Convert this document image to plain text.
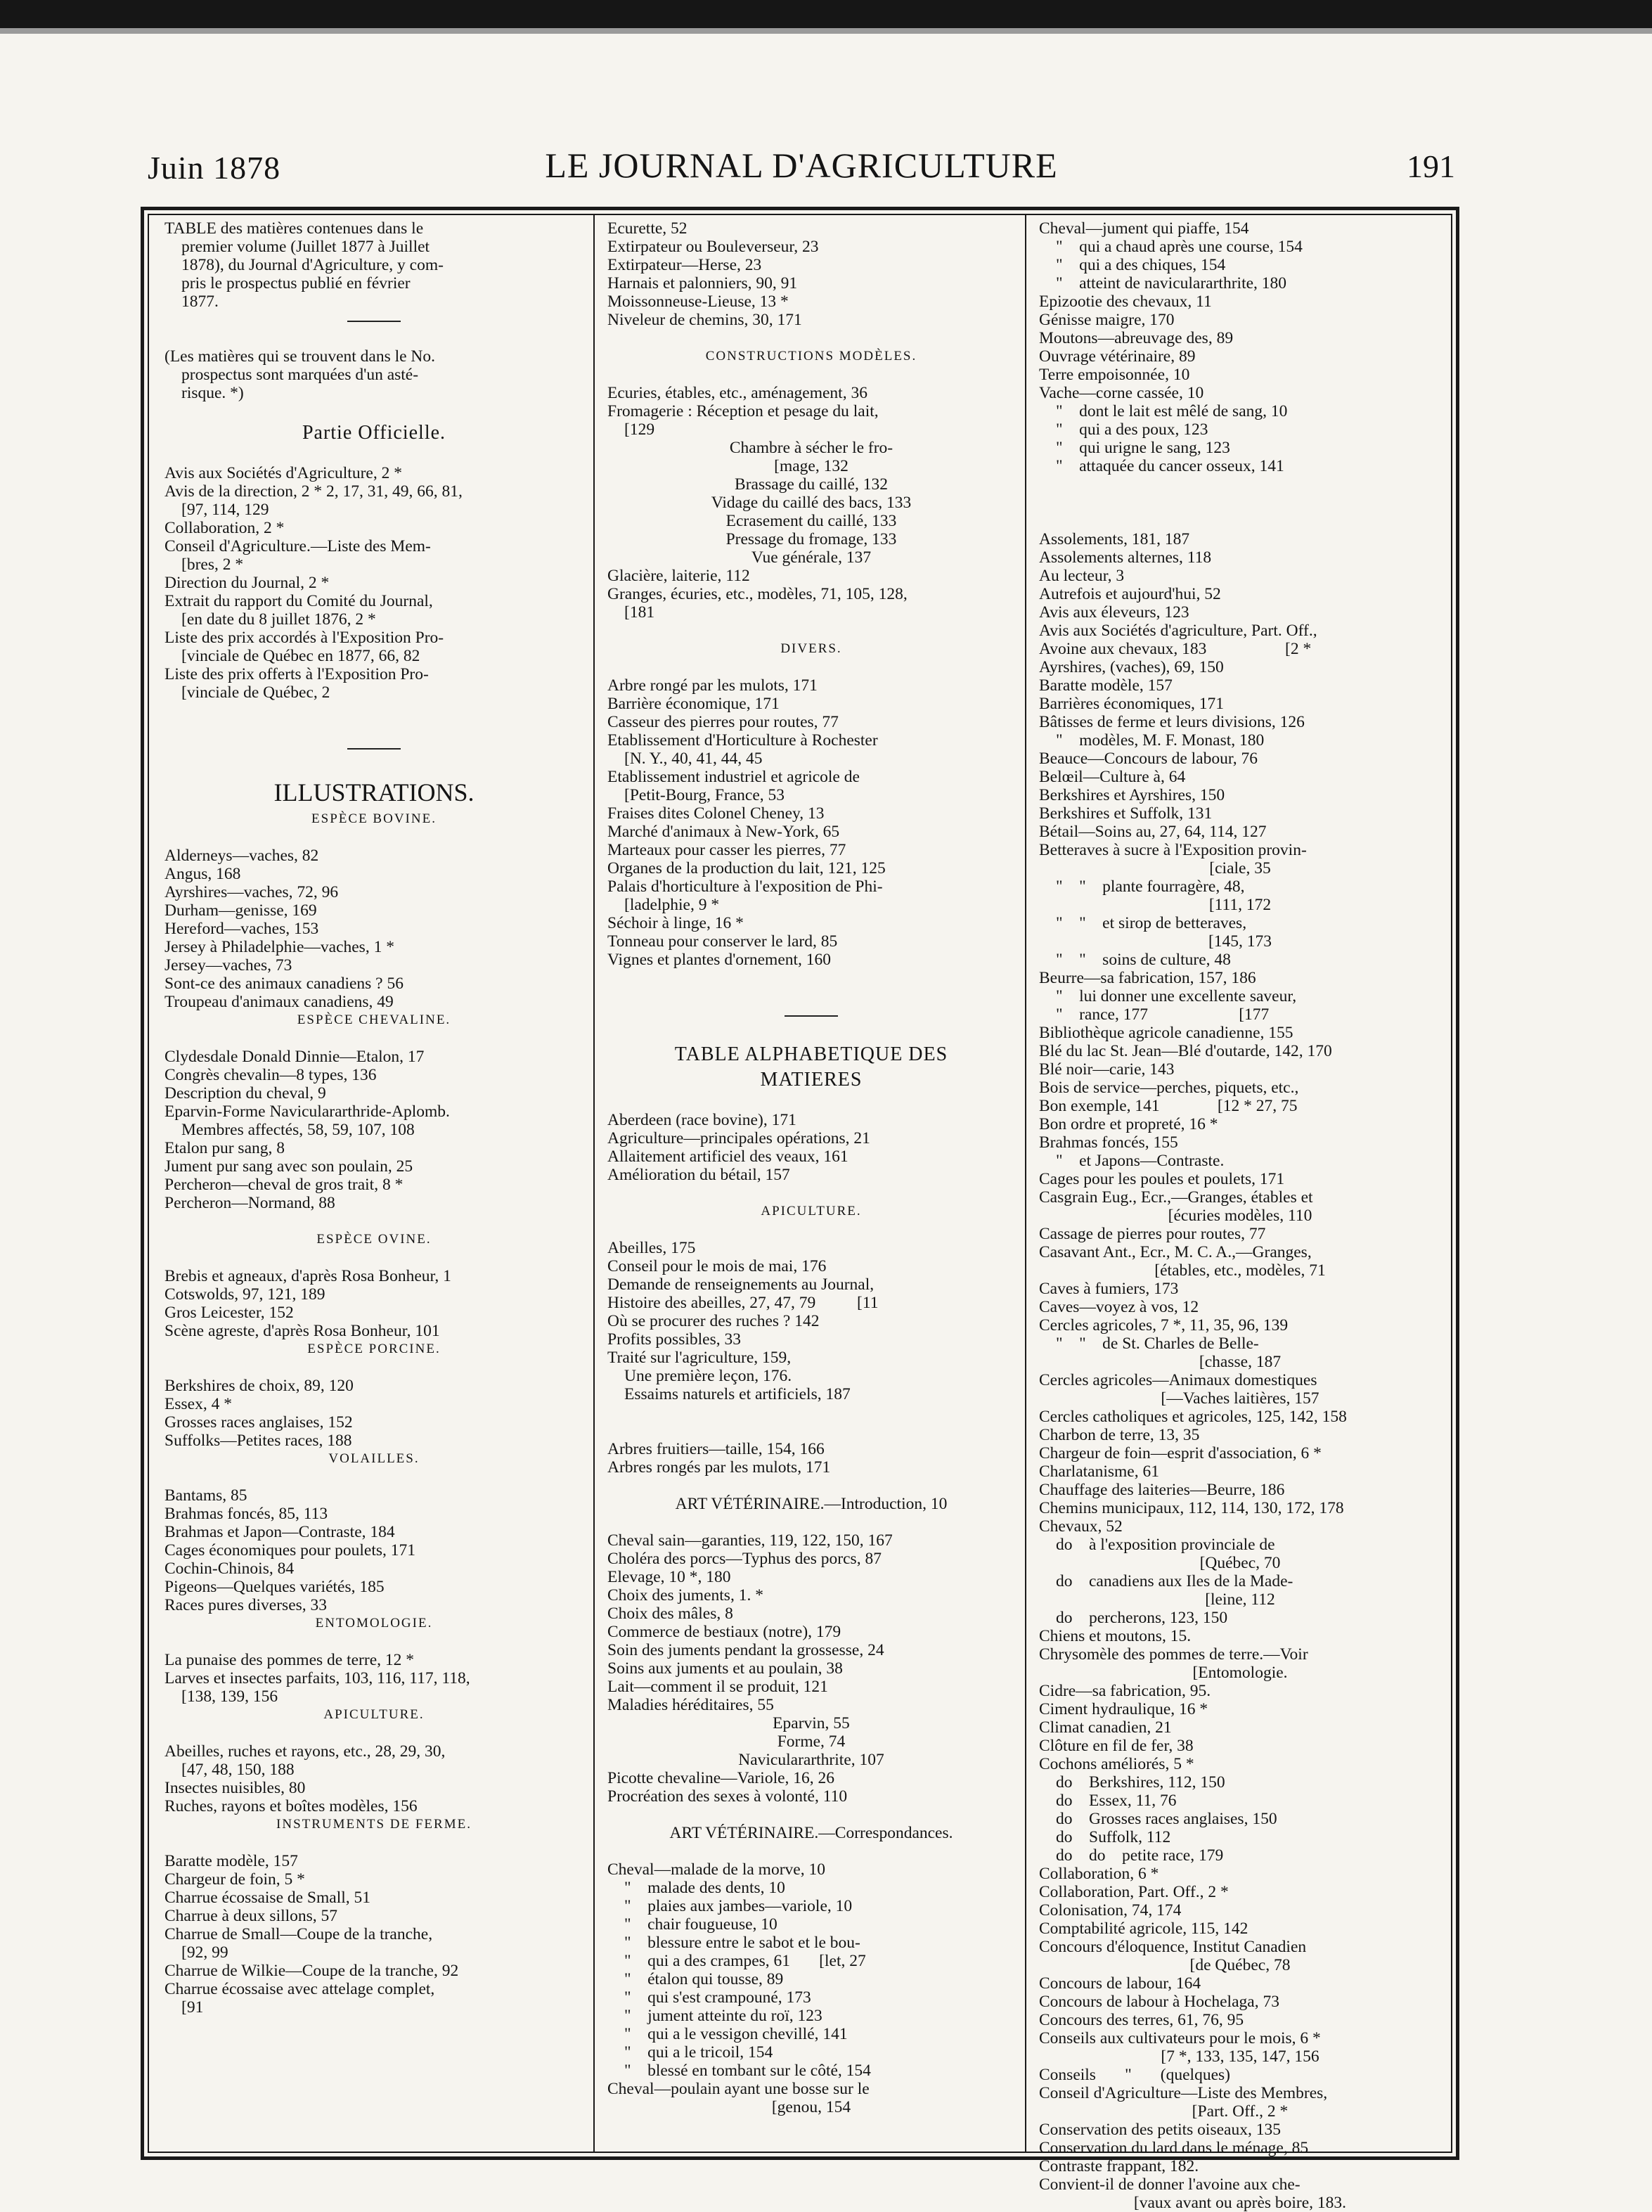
Juin 1878	LE JOURNAL D'AGRICULTURE	191
TABLE des matières contenues dans le
premier volume (Juillet 1877 à Juillet
1878), du Journal d'Agriculture, y com-
pris le prospectus publié en février
1877.
(Les matières qui se trouvent dans le No.
prospectus sont marquées d'un asté-
risque. *)
Partie Officielle.
Avis aux Sociétés d'Agriculture, 2 *
Avis de la direction, 2 * 2, 17, 31, 49, 66, 81,
[97, 114, 129
Collaboration, 2 *
Conseil d'Agriculture.—Liste des Mem-
[bres, 2 *
Direction du Journal, 2 *
Extrait du rapport du Comité du Journal,
[en date du 8 juillet 1876, 2 *
Liste des prix accordés à l'Exposition Pro-
[vinciale de Québec en 1877, 66, 82
Liste des prix offerts à l'Exposition Pro-
[vinciale de Québec, 2
ILLUSTRATIONS.
ESPÈCE BOVINE.
Alderneys—vaches, 82
Angus, 168
Ayrshires—vaches, 72, 96
Durham—genisse, 169
Hereford—vaches, 153
Jersey à Philadelphie—vaches, 1 *
Jersey—vaches, 73
Sont-ce des animaux canadiens ? 56
Troupeau d'animaux canadiens, 49
ESPÈCE CHEVALINE.
Clydesdale Donald Dinnie—Etalon, 17
Congrès chevalin—8 types, 136
Description du cheval, 9
Eparvin-Forme Naviculararthride-Aplomb.
Membres affectés, 58, 59, 107, 108
Etalon pur sang, 8
Jument pur sang avec son poulain, 25
Percheron—cheval de gros trait, 8 *
Percheron—Normand, 88
ESPÈCE OVINE.
Brebis et agneaux, d'après Rosa Bonheur, 1
Cotswolds, 97, 121, 189
Gros Leicester, 152
Scène agreste, d'après Rosa Bonheur, 101
ESPÈCE PORCINE.
Berkshires de choix, 89, 120
Essex, 4 *
Grosses races anglaises, 152
Suffolks—Petites races, 188
VOLAILLES.
Bantams, 85
Brahmas foncés, 85, 113
Brahmas et Japon—Contraste, 184
Cages économiques pour poulets, 171
Cochin-Chinois, 84
Pigeons—Quelques variétés, 185
Races pures diverses, 33
ENTOMOLOGIE.
La punaise des pommes de terre, 12 *
Larves et insectes parfaits, 103, 116, 117, 118,
[138, 139, 156
APICULTURE.
Abeilles, ruches et rayons, etc., 28, 29, 30,
[47, 48, 150, 188
Insectes nuisibles, 80
Ruches, rayons et boîtes modèles, 156
INSTRUMENTS DE FERME.
Baratte modèle, 157
Chargeur de foin, 5 *
Charrue écossaise de Small, 51
Charrue à deux sillons, 57
Charrue de Small—Coupe de la tranche,
[92, 99
Charrue de Wilkie—Coupe de la tranche, 92
Charrue écossaise avec attelage complet,
[91
Ecurette, 52
Extirpateur ou Bouleverseur, 23
Extirpateur—Herse, 23
Harnais et palonniers, 90, 91
Moissonneuse-Lieuse, 13 *
Niveleur de chemins, 30, 171
CONSTRUCTIONS MODÈLES.
Ecuries, étables, etc., aménagement, 36
Fromagerie : Réception et pesage du lait,
[129
Chambre à sécher le fro-
[mage, 132
Brassage du caillé, 132
Vidage du caillé des bacs, 133
Ecrasement du caillé, 133
Pressage du fromage, 133
Vue générale, 137
Glacière, laiterie, 112
Granges, écuries, etc., modèles, 71, 105, 128,
[181
DIVERS.
Arbre rongé par les mulots, 171
Barrière économique, 171
Casseur des pierres pour routes, 77
Etablissement d'Horticulture à Rochester
[N. Y., 40, 41, 44, 45
Etablissement industriel et agricole de
[Petit-Bourg, France, 53
Fraises dites Colonel Cheney, 13
Marché d'animaux à New-York, 65
Marteaux pour casser les pierres, 77
Organes de la production du lait, 121, 125
Palais d'horticulture à l'exposition de Phi-
[ladelphie, 9 *
Séchoir à linge, 16 *
Tonneau pour conserver le lard, 85
Vignes et plantes d'ornement, 160
TABLE ALPHABETIQUE DES
MATIERES
Aberdeen (race bovine), 171
Agriculture—principales opérations, 21
Allaitement artificiel des veaux, 161
Amélioration du bétail, 157
APICULTURE.
Abeilles, 175
Conseil pour le mois de mai, 176
Demande de renseignements au Journal,
Histoire des abeilles, 27, 47, 79          [11
Où se procurer des ruches ? 142
Profits possibles, 33
Traité sur l'agriculture, 159,
Une première leçon, 176.
Essaims naturels et artificiels, 187
Arbres fruitiers—taille, 154, 166
Arbres rongés par les mulots, 171
ART VÉTÉRINAIRE.—Introduction, 10
Cheval sain—garanties, 119, 122, 150, 167
Choléra des porcs—Typhus des porcs, 87
Elevage, 10 *, 180
Choix des juments, 1. *
Choix des mâles, 8
Commerce de bestiaux (notre), 179
Soin des juments pendant la grossesse, 24
Soins aux juments et au poulain, 38
Lait—comment il se produit, 121
Maladies héréditaires, 55
Eparvin, 55
Forme, 74
Naviculararthrite, 107
Picotte chevaline—Variole, 16, 26
Procréation des sexes à volonté, 110
ART VÉTÉRINAIRE.—Correspondances.
Cheval—malade de la morve, 10
"    malade des dents, 10
"    plaies aux jambes—variole, 10
"    chair fougueuse, 10
"    blessure entre le sabot et le bou-
"    qui a des crampes, 61       [let, 27
"    étalon qui tousse, 89
"    qui s'est crampouné, 173
"    jument atteinte du roï, 123
"    qui a le vessigon chevillé, 141
"    qui a le tricoil, 154
"    blessé en tombant sur le côté, 154
Cheval—poulain ayant une bosse sur le
[genou, 154
Cheval—jument qui piaffe, 154
"    qui a chaud après une course, 154
"    qui a des chiques, 154
"    atteint de naviculararthrite, 180
Epizootie des chevaux, 11
Génisse maigre, 170
Moutons—abreuvage des, 89
Ouvrage vétérinaire, 89
Terre empoisonnée, 10
Vache—corne cassée, 10
"    dont le lait est mêlé de sang, 10
"    qui a des poux, 123
"    qui urigne le sang, 123
"    attaquée du cancer osseux, 141
Assolements, 181, 187
Assolements alternes, 118
Au lecteur, 3
Autrefois et aujourd'hui, 52
Avis aux éleveurs, 123
Avis aux Sociétés d'agriculture, Part. Off.,
Avoine aux chevaux, 183                   [2 *
Ayrshires, (vaches), 69, 150
Baratte modèle, 157
Barrières économiques, 171
Bâtisses de ferme et leurs divisions, 126
"    modèles, M. F. Monast, 180
Beauce—Concours de labour, 76
Belœil—Culture à, 64
Berkshires et Ayrshires, 150
Berkshires et Suffolk, 131
Bétail—Soins au, 27, 64, 114, 127
Betteraves à sucre à l'Exposition provin-
[ciale, 35
"    "    plante fourragère, 48,
[111, 172
"    "    et sirop de betteraves,
[145, 173
"    "    soins de culture, 48
Beurre—sa fabrication, 157, 186
"    lui donner une excellente saveur,
"    rance, 177                      [177
Bibliothèque agricole canadienne, 155
Blé du lac St. Jean—Blé d'outarde, 142, 170
Blé noir—carie, 143
Bois de service—perches, piquets, etc.,
Bon exemple, 141              [12 * 27, 75
Bon ordre et propreté, 16 *
Brahmas foncés, 155
"    et Japons—Contraste.
Cages pour les poules et poulets, 171
Casgrain Eug., Ecr.,—Granges, étables et
[écuries modèles, 110
Cassage de pierres pour routes, 77
Casavant Ant., Ecr., M. C. A.,—Granges,
[étables, etc., modèles, 71
Caves à fumiers, 173
Caves—voyez à vos, 12
Cercles agricoles, 7 *, 11, 35, 96, 139
"    "    de St. Charles de Belle-
[chasse, 187
Cercles agricoles—Animaux domestiques
[—Vaches laitières, 157
Cercles catholiques et agricoles, 125, 142, 158
Charbon de terre, 13, 35
Chargeur de foin—esprit d'association, 6 *
Charlatanisme, 61
Chauffage des laiteries—Beurre, 186
Chemins municipaux, 112, 114, 130, 172, 178
Chevaux, 52
do    à l'exposition provinciale de
[Québec, 70
do    canadiens aux Iles de la Made-
[leine, 112
do    percherons, 123, 150
Chiens et moutons, 15.
Chrysomèle des pommes de terre.—Voir
[Entomologie.
Cidre—sa fabrication, 95.
Ciment hydraulique, 16 *
Climat canadien, 21
Clôture en fil de fer, 38
Cochons améliorés, 5 *
do    Berkshires, 112, 150
do    Essex, 11, 76
do    Grosses races anglaises, 150
do    Suffolk, 112
do    do    petite race, 179
Collaboration, 6 *
Collaboration, Part. Off., 2 *
Colonisation, 74, 174
Comptabilité agricole, 115, 142
Concours d'éloquence, Institut Canadien
[de Québec, 78
Concours de labour, 164
Concours de labour à Hochelaga, 73
Concours des terres, 61, 76, 95
Conseils aux cultivateurs pour le mois, 6 *
[7 *, 133, 135, 147, 156
Conseils       "       (quelques)
Conseil d'Agriculture—Liste des Membres,
[Part. Off., 2 *
Conservation des petits oiseaux, 135
Conservation du lard dans le ménage, 85
Contraste frappant, 182.
Convient-il de donner l'avoine aux che-
[vaux avant ou après boire, 183.
